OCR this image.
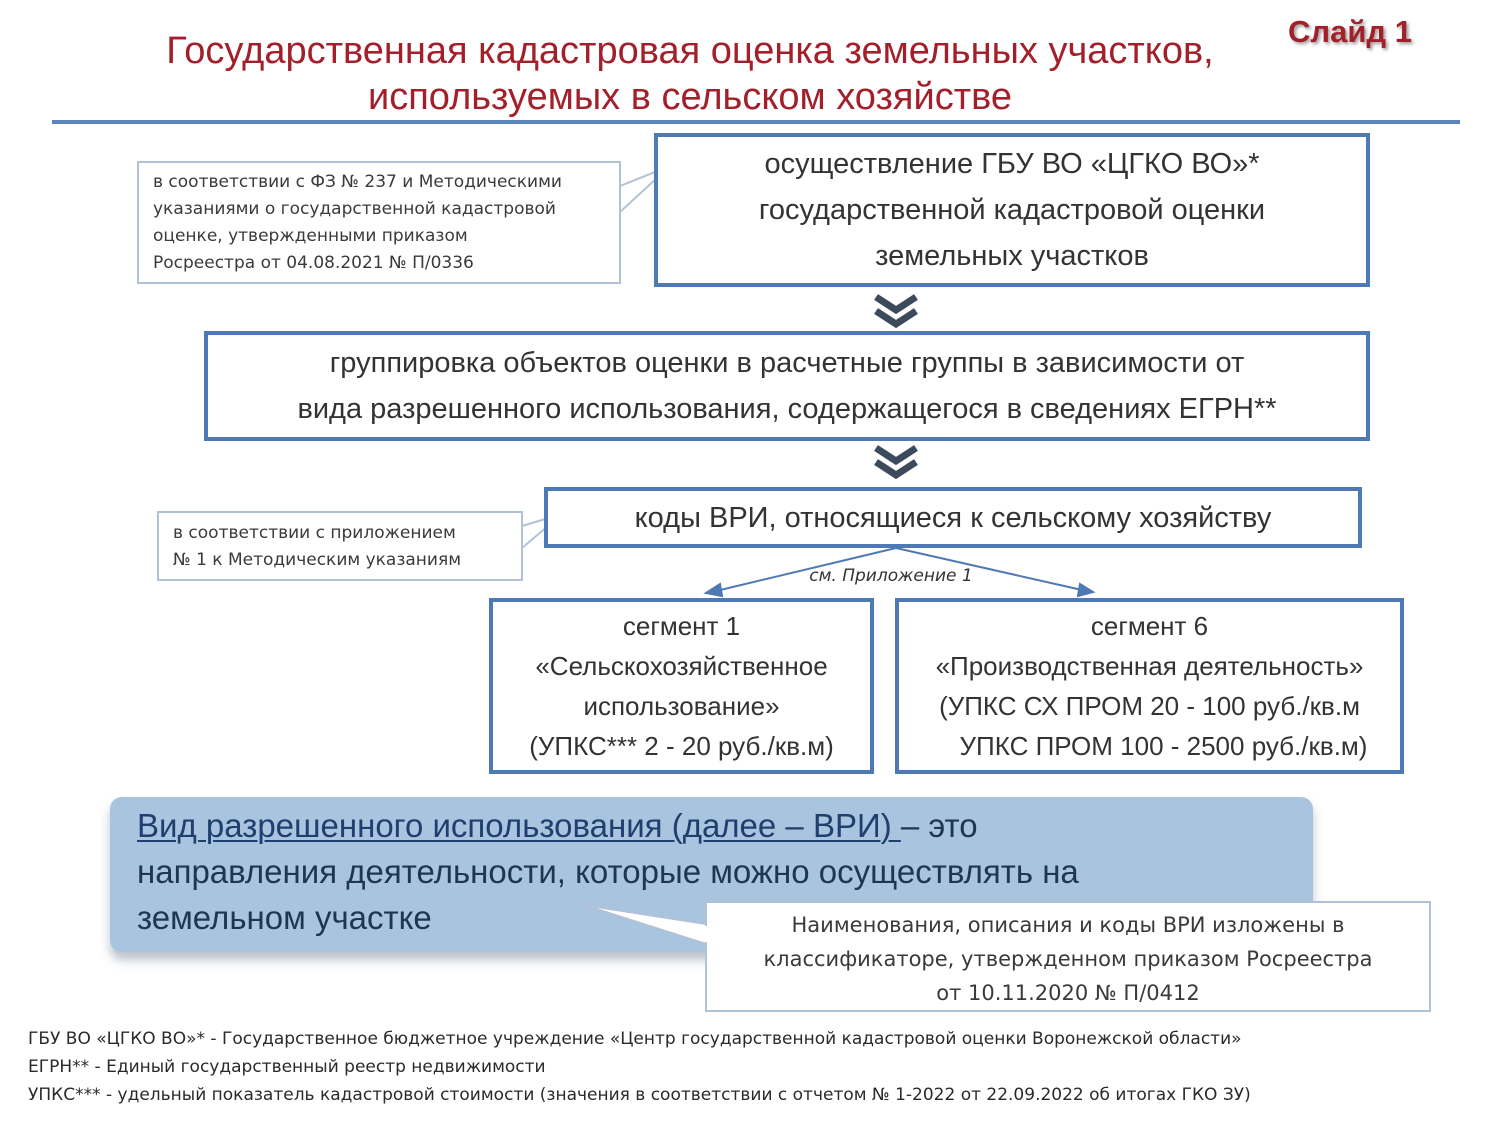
Государственная кадастровая оценка земельных участков,
используемых в сельском хозяйстве
Слайд 1
в соответствии с ФЗ № 237 и Методическими
указаниями о государственной кадастровой
оценке, утвержденными приказом
Росреестра от 04.08.2021 № П/0336
осуществление ГБУ ВО «ЦГКО ВО»*
государственной кадастровой оценки
земельных участков
группировка объектов оценки в расчетные группы в зависимости от
вида разрешенного использования, содержащегося в сведениях ЕГРН**
в соответствии с приложением
№ 1 к Методическим указаниям
коды ВРИ, относящиеся к сельскому хозяйству
см. Приложение 1
сегмент 1
«Сельскохозяйственное
использование»
(УПКС*** 2 - 20 руб./кв.м)
сегмент 6
«Производственная деятельность»
(УПКС СХ ПРОМ 20 - 100 руб./кв.м
УПКС ПРОМ 100 - 2500 руб./кв.м)
Вид разрешенного использования (далее – ВРИ) – это
направления деятельности, которые можно осуществлять на
земельном участке	Наименования, описания и коды ВРИ изложены в
классификаторе, утвержденном приказом Росреестра
от 10.11.2020 № П/0412
ГБУ ВО «ЦГКО ВО»* - Государственное бюджетное учреждение «Центр государственной кадастровой оценки Воронежской области»
ЕГРН** - Единый государственный реестр недвижимости
УПКС*** - удельный показатель кадастровой стоимости (значения в соответствии с отчетом № 1-2022 от 22.09.2022 об итогах ГКО ЗУ)
